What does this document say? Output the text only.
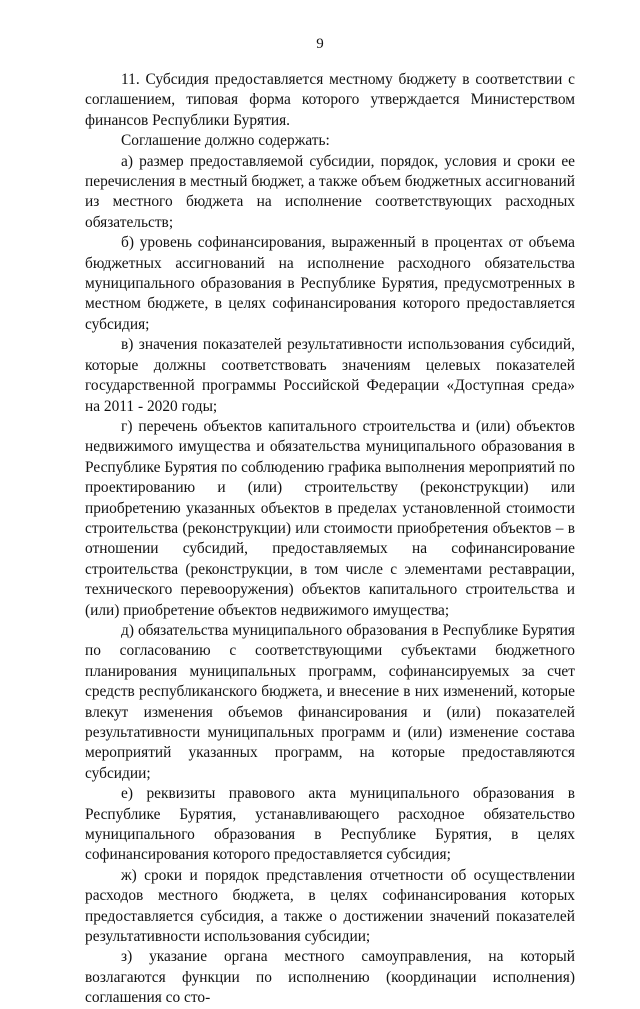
9

11. Субсидия предоставляется местному бюджету в соответствии с соглашением, типовая форма которого утверждается Министерством финансов Республики Бурятия.

Соглашение должно содержать:

а) размер предоставляемой субсидии, порядок, условия и сроки ее перечисления в местный бюджет, а также объем бюджетных ассигнований из местного бюджета на исполнение соответствующих расходных обязательств;

б) уровень софинансирования, выраженный в процентах от объема бюджетных ассигнований на исполнение расходного обязательства муниципального образования в Республике Бурятия, предусмотренных в местном бюджете, в целях софинансирования которого предоставляется субсидия;

в) значения показателей результативности использования субсидий, которые должны соответствовать значениям целевых показателей государственной программы Российской Федерации «Доступная среда» на 2011 - 2020 годы;

г) перечень объектов капитального строительства и (или) объектов недвижимого имущества и обязательства муниципального образования в Республике Бурятия по соблюдению графика выполнения мероприятий по проектированию и (или) строительству (реконструкции) или приобретению указанных объектов в пределах установленной стоимости строительства (реконструкции) или стоимости приобретения объектов – в отношении субсидий, предоставляемых на софинансирование строительства (реконструкции, в том числе с элементами реставрации, технического перевооружения) объектов капитального строительства и (или) приобретение объектов недвижимого имущества;

д) обязательства муниципального образования в Республике Бурятия по согласованию с соответствующими субъектами бюджетного планирования муниципальных программ, софинансируемых за счет средств республиканского бюджета, и внесение в них изменений, которые влекут изменения объемов финансирования и (или) показателей результативности муниципальных программ и (или) изменение состава мероприятий указанных программ, на которые предоставляются субсидии;

е) реквизиты правового акта муниципального образования в Республике Бурятия, устанавливающего расходное обязательство муниципального образования в Республике Бурятия, в целях софинансирования которого предоставляется субсидия;

ж) сроки и порядок представления отчетности об осуществлении расходов местного бюджета, в целях софинансирования которых предоставляется субсидия, а также о достижении значений показателей результативности использования субсидии;

з) указание органа местного самоуправления, на который возлагаются функции по исполнению (координации исполнения) соглашения со сто-
